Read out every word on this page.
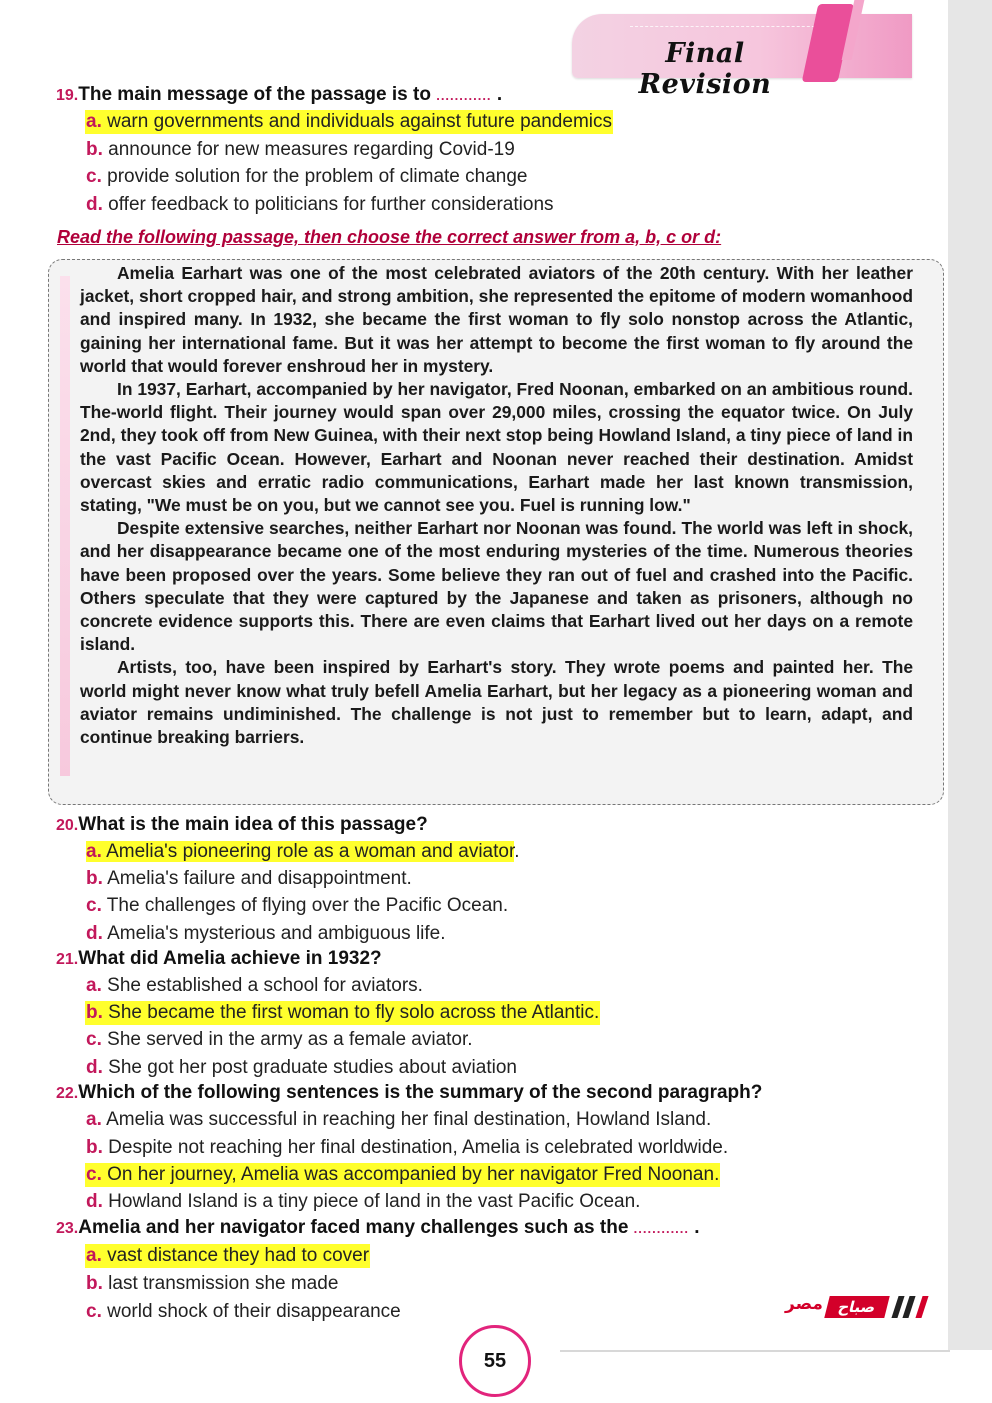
Final Revision
19.The main message of the passage is to ............ .
a. warn governments and individuals against future pandemics
b. announce for new measures regarding Covid-19
c. provide solution for the problem of climate change
d. offer feedback to politicians for further considerations
Read the following passage, then choose the correct answer from a, b, c or d:

Amelia Earhart was one of the most celebrated aviators of the 20th century. With her leather jacket, short cropped hair, and strong ambition, she represented the epitome of modern womanhood and inspired many. In 1932, she became the first woman to fly solo nonstop across the Atlantic, gaining her international fame. But it was her attempt to become the first woman to fly around the world that would forever enshroud her in mystery.

In 1937, Earhart, accompanied by her navigator, Fred Noonan, embarked on an ambitious round. The-world flight. Their journey would span over 29,000 miles, crossing the equator twice. On July 2nd, they took off from New Guinea, with their next stop being Howland Island, a tiny piece of land in the vast Pacific Ocean. However, Earhart and Noonan never reached their destination. Amidst overcast skies and erratic radio communications, Earhart made her last known transmission, stating, "We must be on you, but we cannot see you. Fuel is running low."

Despite extensive searches, neither Earhart nor Noonan was found. The world was left in shock, and her disappearance became one of the most enduring mysteries of the time. Numerous theories have been proposed over the years. Some believe they ran out of fuel and crashed into the Pacific. Others speculate that they were captured by the Japanese and taken as prisoners, although no concrete evidence supports this. There are even claims that Earhart lived out her days on a remote island.

Artists, too, have been inspired by Earhart's story. They wrote poems and painted her. The world might never know what truly befell Amelia Earhart, but her legacy as a pioneering woman and aviator remains undiminished. The challenge is not just to remember but to learn, adapt, and continue breaking barriers.

20.What is the main idea of this passage?
a. Amelia's pioneering role as a woman and aviator.
b. Amelia's failure and disappointment.
c. The challenges of flying over the Pacific Ocean.
d. Amelia's mysterious and ambiguous life.
21.What did Amelia achieve in 1932?
a. She established a school for aviators.
b. She became the first woman to fly solo across the Atlantic.
c. She served in the army as a female aviator.
d. She got her post graduate studies about aviation
22.Which of the following sentences is the summary of the second paragraph?
a. Amelia was successful in reaching her final destination, Howland Island.
b. Despite not reaching her final destination, Amelia is celebrated worldwide.
c. On her journey, Amelia was accompanied by her navigator Fred Noonan.
d. Howland Island is a tiny piece of land in the vast Pacific Ocean.
23.Amelia and her navigator faced many challenges such as the ............ .
a. vast distance they had to cover
b. last transmission she made
c. world shock of their disappearance	مصر صباح
55
